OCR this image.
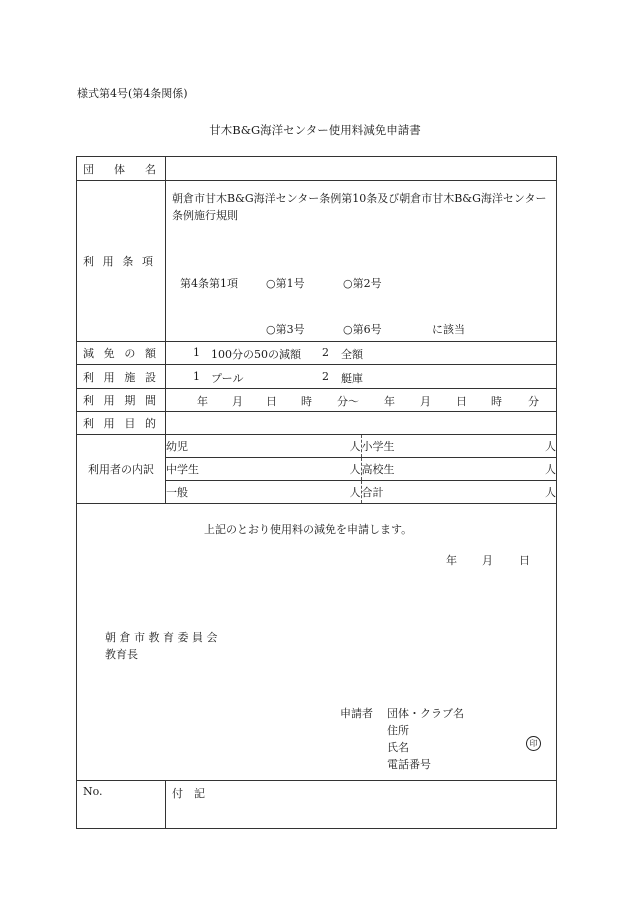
様式第4号(第4条関係)
甘木B&G海洋センター使用料減免申請書
団 体 名

利 用 条 項

朝倉市甘木B&G海洋センター条例第10条及び朝倉市甘木B&G海洋センター条例施行規則
第4条第1項	○第1号	○第2号
○第3号	○第6号	に該当

減 免 の 額	1 100分の50の減額 2 全額

利 用 施 設	1 プール	2 艇庫

利 用 期 間	年 月 日 時 分〜 年 月 日 時 分

利 用 目 的

利用者の内訳

幼児	人	小学生	人

中学生	人	高校生	人

一般	人	合計	人

上記のとおり使用料の減免を申請します。
年 月 日
朝 倉 市 教 育 委 員 会
教育長
申請者 団体・クラブ名
住所
氏名
電話番号
印

No.	付　記
